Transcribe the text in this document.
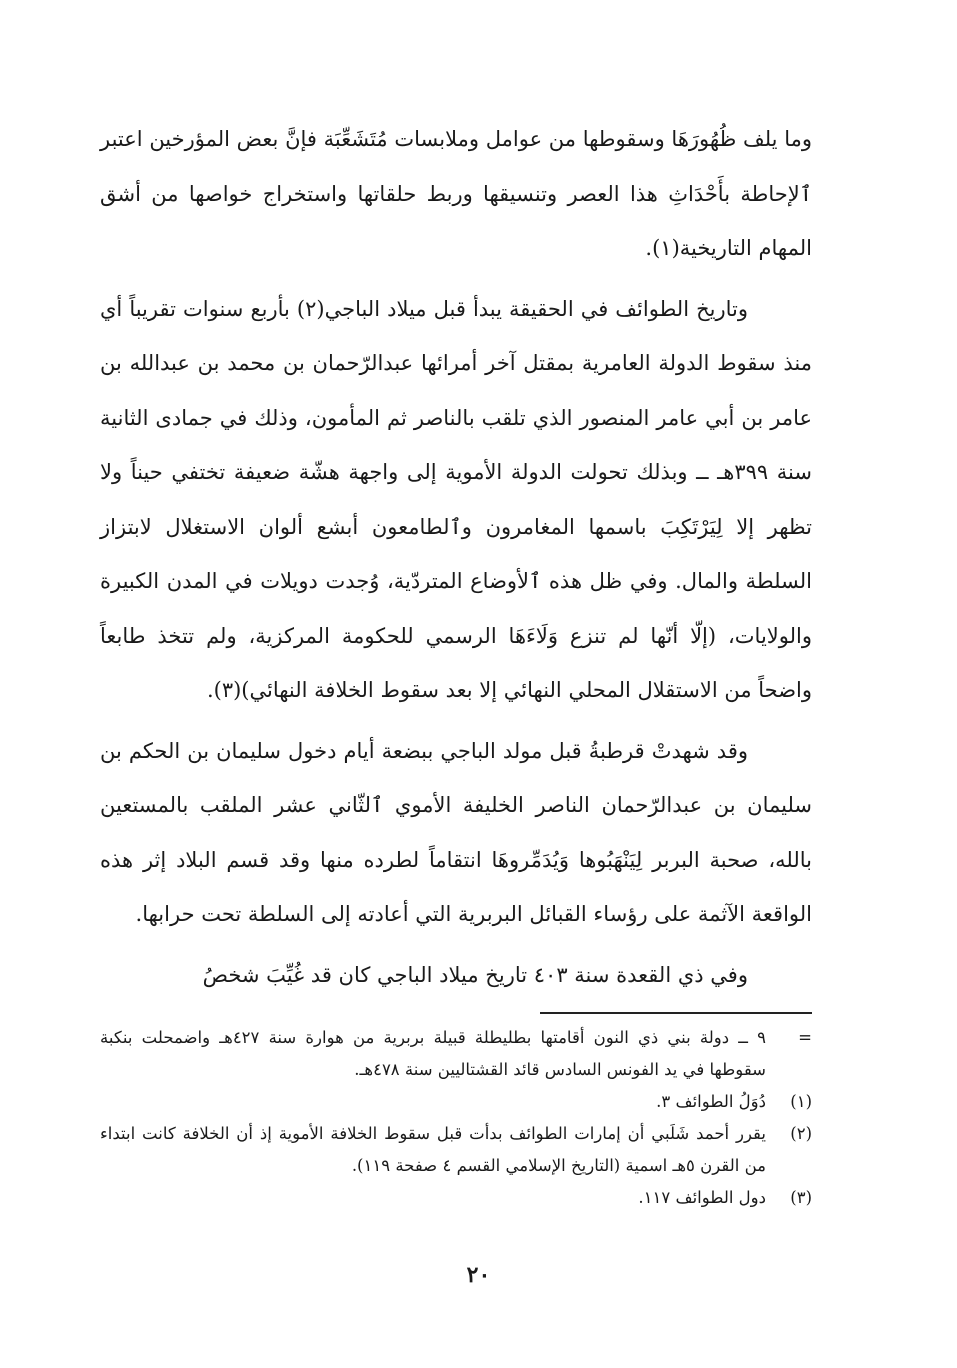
وما يلف ظُهُورَهَا وسقوطها من عوامل وملابسات مُتَشَعِّبَة فإنَّ بعض المؤرخين اعتبر ٱلإحاطة بأَحْدَاثِ هذا العصر وتنسيقها وربط حلقاتها واستخراج خواصها من أشق المهام التاريخية(١).

وتاريخ الطوائف في الحقيقة يبدأ قبل ميلاد الباجي(٢) بأربع سنوات تقريباً أي منذ سقوط الدولة العامرية بمقتل آخر أمرائها عبدالرّحمان بن محمد بن عبدالله بن عامر بن أبي عامر المنصور الذي تلقب بالناصر ثم المأمون، وذلك في جمادى الثانية سنة ٣٩٩هـ ــ وبذلك تحولت الدولة الأموية إلى واجهة هشّة ضعيفة تختفي حيناً ولا تظهر إلا لِيَرْتَكِبَ باسمها المغامرون وٱلطامعون أبشع ألوان الاستغلال لابتزاز السلطة والمال. وفي ظل هذه ٱلأوضاع المتردّية، وُجدت دويلات في المدن الكبيرة والولايات، (إلّا أنّها لم تنزع وَلَاءَهَا الرسمي للحكومة المركزية، ولم تتخذ طابعاً واضحاً من الاستقلال المحلي النهائي إلا بعد سقوط الخلافة النهائي)(٣).

وقد شهدتْ قرطبةُ قبل مولد الباجي ببضعة أيام دخول سليمان بن الحكم بن سليمان بن عبدالرّحمان الناصر الخليفة الأموي ٱلثّاني عشر الملقب بالمستعين بالله، صحبة البربر لِيَنْهَبُوها وَيُدَمِّروهَا انتقاماً لطرده منها وقد قسم البلاد إثر هذه الواقعة الآثمة على رؤساء القبائل البربرية التي أعادته إلى السلطة تحت حرابها.

وفي ذي القعدة سنة ٤٠٣ تاريخ ميلاد الباجي كان قد غُيِّبَ شخصُ

=
٩ ــ دولة بني ذي النون أقامتها بطليطلة قبيلة بربرية من هوارة سنة ٤٢٧هـ واضمحلت بنكبة سقوطها في يد الفونس السادس قائد القشتاليين سنة ٤٧٨هـ.
(١)
دُوَلُ الطوائف ٣.
(٢)
يقرر أحمد شَلَبي أن إمارات الطوائف بدأت قبل سقوط الخلافة الأموية إذ أن الخلافة كانت ابتداء من القرن ٥هـ اسمية (التاريخ الإسلامي القسم ٤ صفحة ١١٩).
(٣)
دول الطوائف ١١٧.
٢٠
